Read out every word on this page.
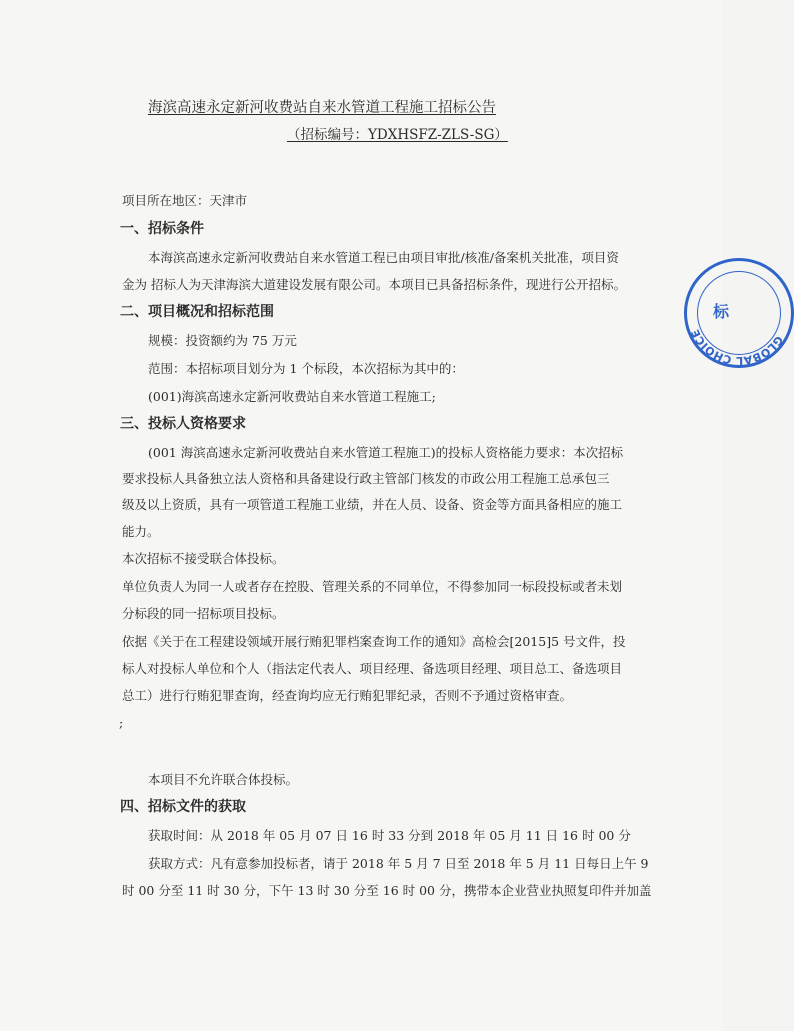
海滨高速永定新河收费站自来水管道工程施工招标公告
（招标编号：YDXHSFZ-ZLS-SG）
项目所在地区：天津市
一、招标条件
本海滨高速永定新河收费站自来水管道工程已由项目审批/核准/备案机关批准，项目资
金为 招标人为天津海滨大道建设发展有限公司。本项目已具备招标条件，现进行公开招标。
二、项目概况和招标范围
规模：投资额约为 75 万元
范围：本招标项目划分为 1 个标段，本次招标为其中的：
(001)海滨高速永定新河收费站自来水管道工程施工;
三、投标人资格要求
(001 海滨高速永定新河收费站自来水管道工程施工)的投标人资格能力要求：本次招标
要求投标人具备独立法人资格和具备建设行政主管部门核发的市政公用工程施工总承包三
级及以上资质，具有一项管道工程施工业绩，并在人员、设备、资金等方面具备相应的施工
能力。
本次招标不接受联合体投标。
单位负责人为同一人或者存在控股、管理关系的不同单位，不得参加同一标段投标或者未划
分标段的同一招标项目投标。
依据《关于在工程建设领域开展行贿犯罪档案查询工作的通知》高检会[2015]5 号文件，投
标人对投标人单位和个人（指法定代表人、项目经理、备选项目经理、项目总工、备选项目
总工）进行行贿犯罪查询，经查询均应无行贿犯罪纪录，否则不予通过资格审查。
;
本项目不允许联合体投标。
四、招标文件的获取
获取时间：从 2018 年 05 月 07 日 16 时 33 分到 2018 年 05 月 11 日 16 时 00 分
获取方式：凡有意参加投标者，请于 2018 年 5 月 7 日至 2018 年 5 月 11 日每日上午 9
时 00 分至 11 时 30 分，下午 13 时 30 分至 16 时 00 分，携带本企业营业执照复印件并加盖
GLOBAL CHOICE
标
